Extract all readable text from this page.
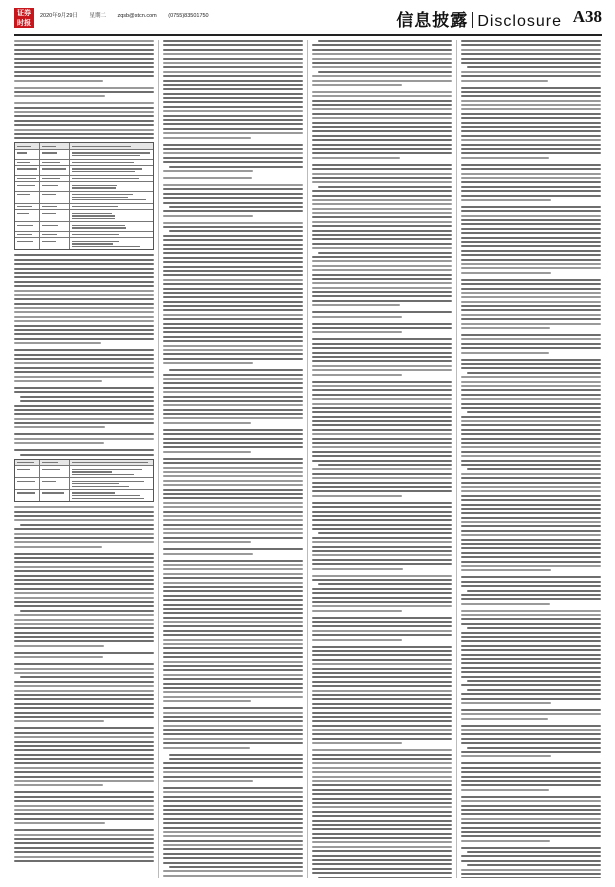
证券
时报
2020年9月29日 星期二 zqsb@stcn.com (0755)83501750	信息披露 Disclosure A38
